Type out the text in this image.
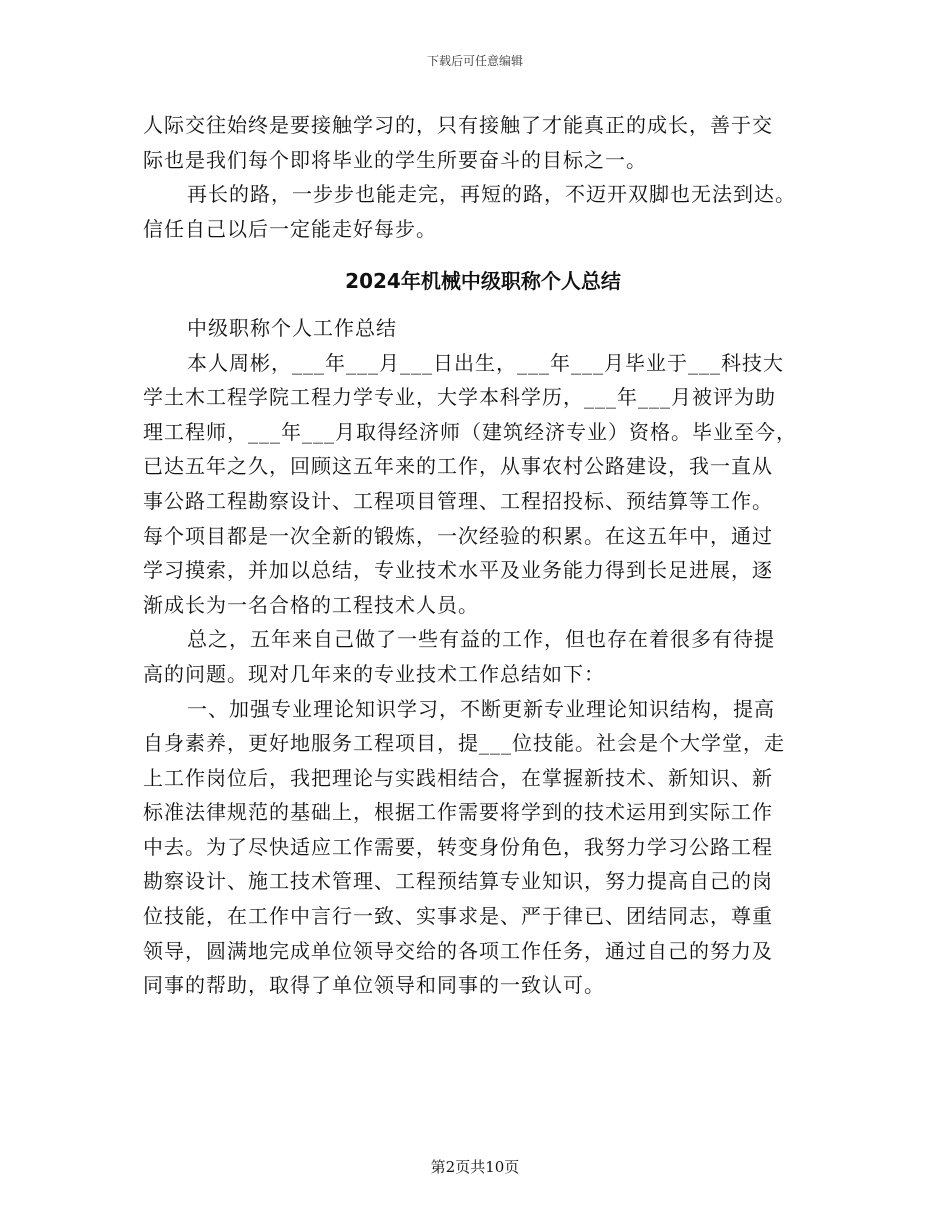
下载后可任意编辑
人际交往始终是要接触学习的，只有接触了才能真正的成长，善于交
际也是我们每个即将毕业的学生所要奋斗的目标之一。
再长的路，一步步也能走完，再短的路，不迈开双脚也无法到达。
信任自己以后一定能走好每步。
2024年机械中级职称个人总结
中级职称个人工作总结
本人周彬，___年___月___日出生，___年___月毕业于___科技大
学土木工程学院工程力学专业，大学本科学历，___年___月被评为助
理工程师，___年___月取得经济师（建筑经济专业）资格。毕业至今，
已达五年之久，回顾这五年来的工作，从事农村公路建设，我一直从
事公路工程勘察设计、工程项目管理、工程招投标、预结算等工作。
每个项目都是一次全新的锻炼，一次经验的积累。在这五年中，通过
学习摸索，并加以总结，专业技术水平及业务能力得到长足进展，逐
渐成长为一名合格的工程技术人员。
总之，五年来自己做了一些有益的工作，但也存在着很多有待提
高的问题。现对几年来的专业技术工作总结如下：
一、加强专业理论知识学习，不断更新专业理论知识结构，提高
自身素养，更好地服务工程项目，提___位技能。社会是个大学堂，走
上工作岗位后，我把理论与实践相结合，在掌握新技术、新知识、新
标准法律规范的基础上，根据工作需要将学到的技术运用到实际工作
中去。为了尽快适应工作需要，转变身份角色，我努力学习公路工程
勘察设计、施工技术管理、工程预结算专业知识，努力提高自己的岗
位技能，在工作中言行一致、实事求是、严于律已、团结同志，尊重
领导，圆满地完成单位领导交给的各项工作任务，通过自己的努力及
同事的帮助，取得了单位领导和同事的一致认可。
第2页共10页
